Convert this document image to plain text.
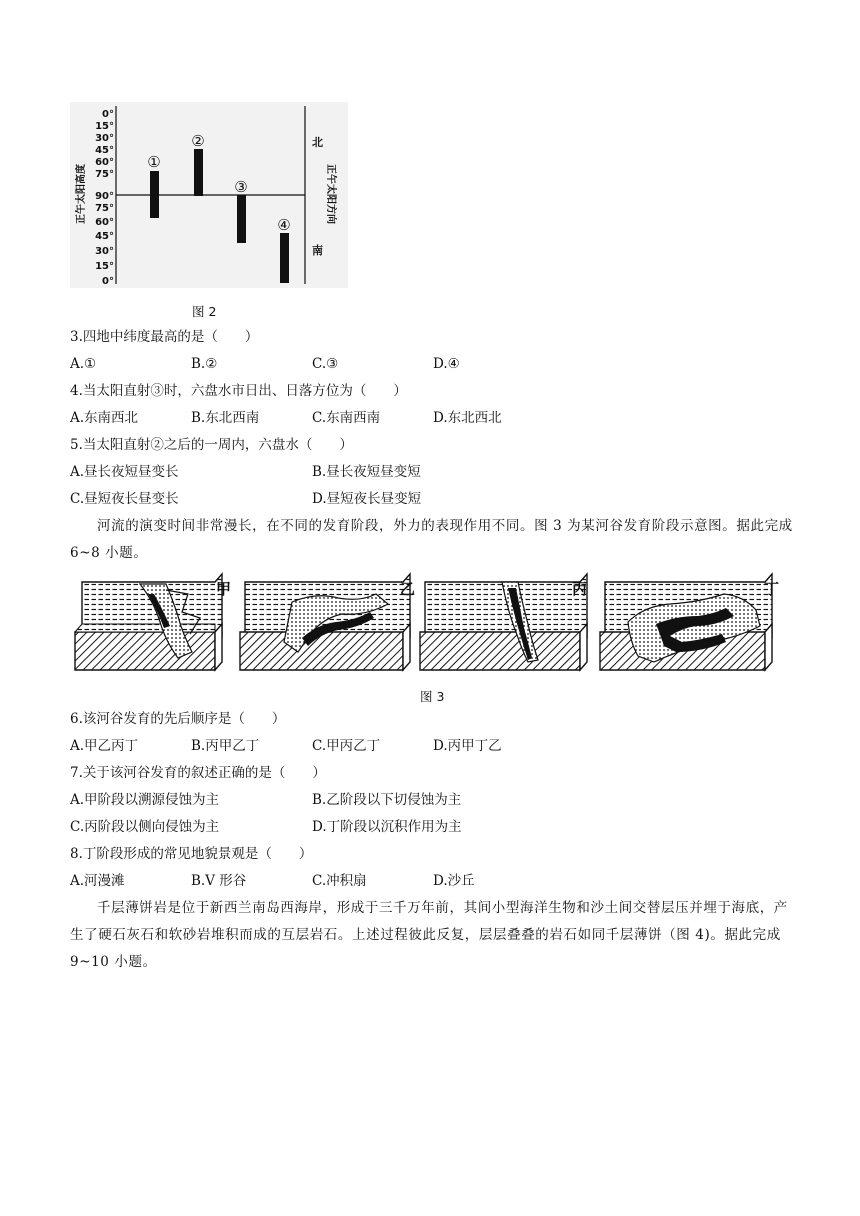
0°
15°
30°
45°
60°
75°
90°
75°
60°
45°
30°
15°
0°
正午太阳高度
北
南
正午太阳方向
①
②
③
④
图 2
3.四地中纬度最高的是（　　）
A.①	B.②	C.③	D.④
4.当太阳直射③时，六盘水市日出、日落方位为（　　）
A.东南西北	B.东北西南	C.东南西南	D.东北西北
5.当太阳直射②之后的一周内，六盘水（　　）
A.昼长夜短昼变长	B.昼长夜短昼变短
C.昼短夜长昼变长	D.昼短夜长昼变短
河流的演变时间非常漫长，在不同的发育阶段，外力的表现作用不同。图 3 为某河谷发育阶段示意图。据此完成 6~8 小题。
甲	乙	丙	丁
图 3
6.该河谷发育的先后顺序是（　　）
A.甲乙丙丁	B.丙甲乙丁	C.甲丙乙丁	D.丙甲丁乙
7.关于该河谷发育的叙述正确的是（　　）
A.甲阶段以溯源侵蚀为主	B.乙阶段以下切侵蚀为主
C.丙阶段以侧向侵蚀为主	D.丁阶段以沉积作用为主
8.丁阶段形成的常见地貌景观是（　　）
A.河漫滩	B.V 形谷	C.冲积扇	D.沙丘
千层薄饼岩是位于新西兰南岛西海岸，形成于三千万年前，其间小型海洋生物和沙土间交替层压并埋于海底，产生了硬石灰石和软砂岩堆积而成的互层岩石。上述过程彼此反复，层层叠叠的岩石如同千层薄饼（图 4)。据此完成 9~10 小题。
